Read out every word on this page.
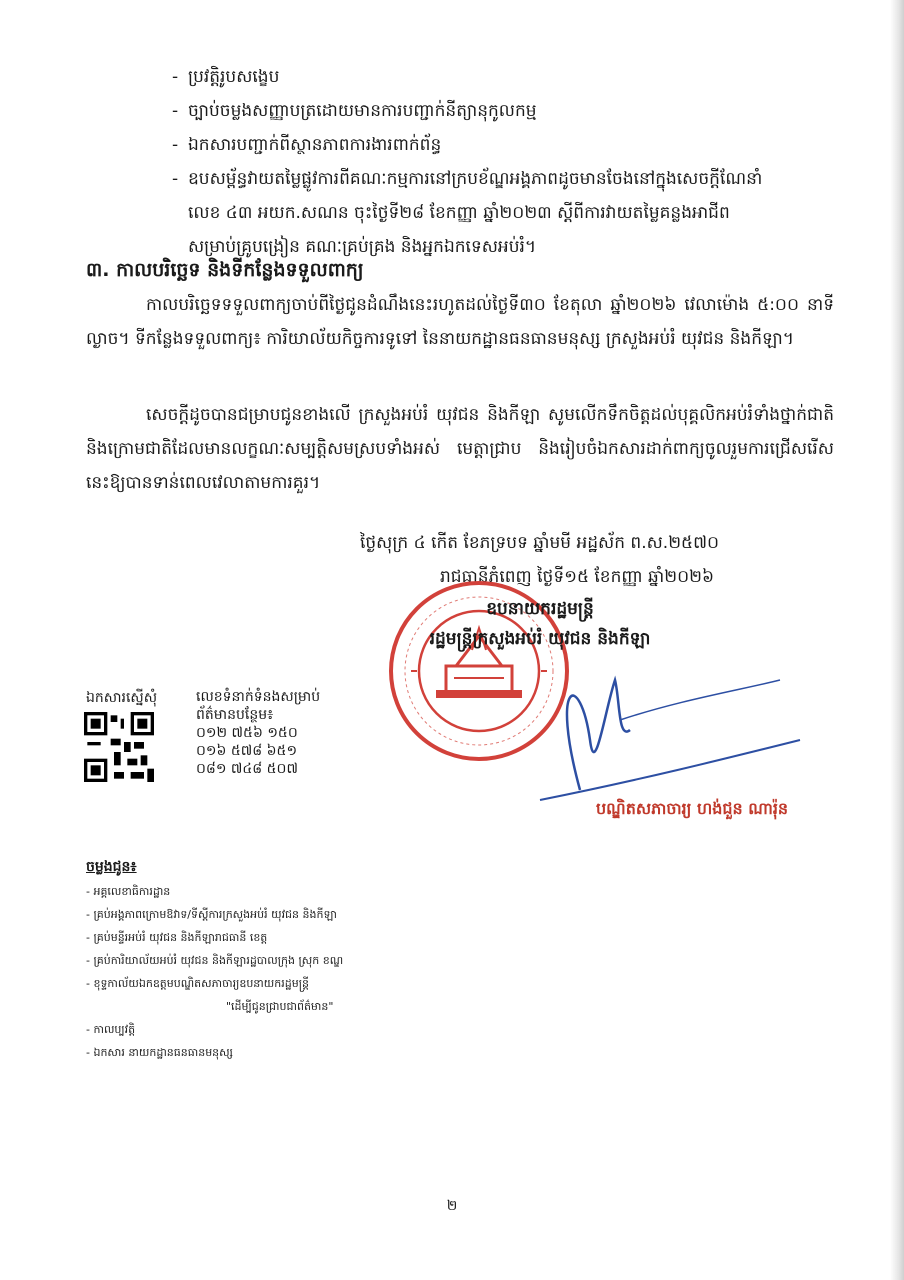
- ប្រវត្តិរូបសង្ខេប
- ច្បាប់ចម្លងសញ្ញាបត្រដោយមានការបញ្ជាក់នីត្យានុកូលកម្ម
- ឯកសារបញ្ជាក់ពីស្ថានភាពការងារពាក់ព័ន្ធ
- ឧបសម្ព័ន្ធវាយតម្លៃផ្លូវការពីគណៈកម្មការនៅក្របខ័ណ្ឌអង្គភាពដូចមានចែងនៅក្នុងសេចក្តីណែនាំ
លេខ ៤៣ អយក.សណន ចុះថ្ងៃទី២៨ ខែកញ្ញា ឆ្នាំ២០២៣ ស្តីពីការវាយតម្លៃគន្លងអាជីព
សម្រាប់គ្រូបង្រៀន គណៈគ្រប់គ្រង និងអ្នកឯកទេសអប់រំ។
៣. កាលបរិច្ឆេទ និងទីកន្លែងទទួលពាក្យ
កាលបរិច្ឆេទទទួលពាក្យចាប់ពីថ្ងៃជូនដំណឹងនេះរហូតដល់ថ្ងៃទី៣០ ខែតុលា ឆ្នាំ២០២៦ វេលាម៉ោង ៥:០០ នាទីល្ងាច។ ទីកន្លែងទទួលពាក្យ៖ ការិយាល័យកិច្ចការទូទៅ នៃនាយកដ្ឋានធនធានមនុស្ស ក្រសួងអប់រំ យុវជន និងកីឡា។
សេចក្តីដូចបានជម្រាបជូនខាងលើ ក្រសួងអប់រំ យុវជន និងកីឡា សូមលើកទឹកចិត្តដល់បុគ្គលិកអប់រំទាំងថ្នាក់ជាតិ និងក្រោមជាតិដែលមានលក្ខណៈសម្បត្តិសមស្របទាំងអស់ មេត្តាជ្រាប និងរៀបចំឯកសារដាក់ពាក្យចូលរួមការជ្រើសរើសនេះឱ្យបានទាន់ពេលវេលាតាមការគួរ។
ថ្ងៃ​សុក្រ ៤ កើត ខែ​ភទ្របទ ឆ្នាំមមី អដ្ឋស័ក ព.ស.២៥៧០
រាជធានីភ្នំពេញ ថ្ងៃទី១៥ ខែកញ្ញា ឆ្នាំ២០២៦
ឧបនាយករដ្ឋមន្ត្រី
រដ្ឋមន្ត្រីក្រសួងអប់រំ យុវជន និងកីឡា
បណ្ឌិតសភាចារ្យ ហង់ជួន ណារ៉ុន
ឯកសារស្នើសុំ	លេខទំនាក់ទំនងសម្រាប់
ព័ត៌មានបន្ថែម៖
០១២ ៧៥៦ ១៥០
០១៦ ៥៧៨ ៦៥១
០៨១ ៧៤៨ ៥០៧
ចម្លងជូន៖
- អគ្គលេខាធិការដ្ឋាន
- គ្រប់អង្គភាពក្រោមឱវាទ/ទីស្តីការក្រសួងអប់រំ យុវជន និងកីឡា
- គ្រប់មន្ទីរអប់រំ យុវជន និងកីឡារាជធានី ខេត្ត
- គ្រប់ការិយាល័យអប់រំ យុវជន និងកីឡារដ្ឋបាលក្រុង ស្រុក ខណ្ឌ
- ខុទ្ទកាល័យឯកឧត្តមបណ្ឌិតសភាចារ្យឧបនាយករដ្ឋមន្ត្រី
"ដើម្បីជូនជ្រាបជាព័ត៌មាន"
- កាលប្បវត្តិ
- ឯកសារ នាយកដ្ឋានធនធានមនុស្ស
២
